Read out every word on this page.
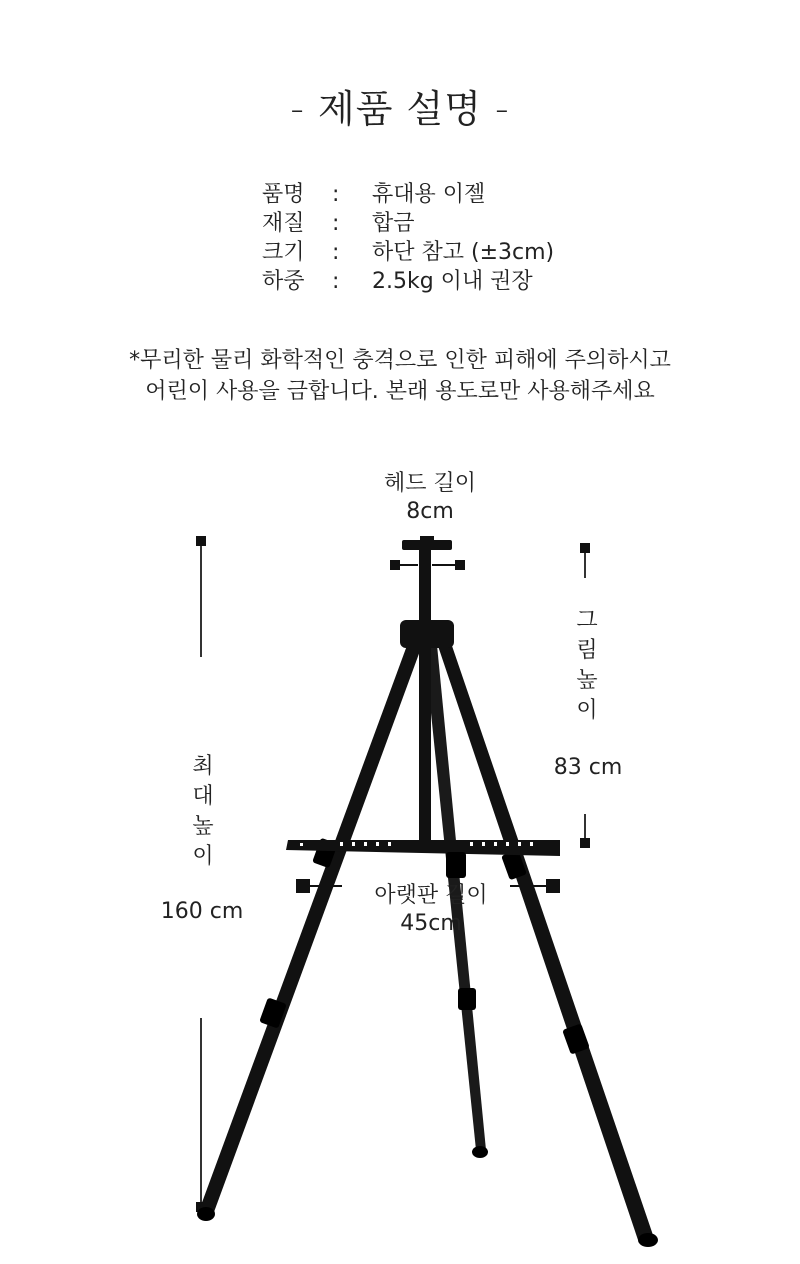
- 제품 설명 -
품명	:	휴대용 이젤
재질	:	합금
크기	:	하단 참고 (±3cm)
하중	:	2.5kg 이내 권장
*무리한 물리 화학적인 충격으로 인한 피해에 주의하시고
어린이 사용을 금합니다. 본래 용도로만 사용해주세요
헤드 길이
8cm
그
림
높
이
83 cm
최
대
높
이
160 cm
아랫판 길이
45cm
